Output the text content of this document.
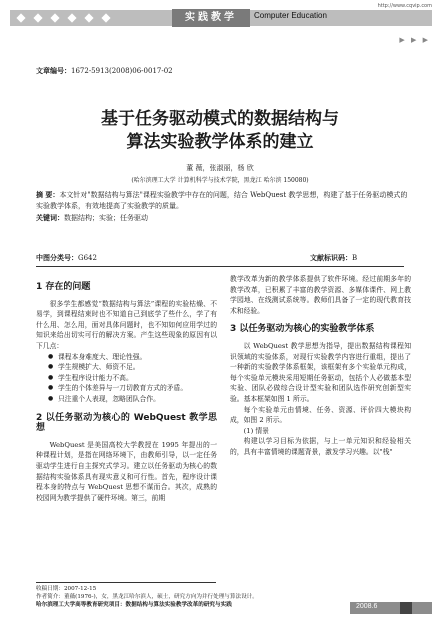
http://www.cqvip.com
实践教学	Computer Education
▶ ▶ ▶
文章编号：1672-5913(2008)06-0017-02
基于任务驱动模式的数据结构与
算法实验教学体系的建立
董 薇，张淑丽，杨 欣
(哈尔滨理工大学 计算机科学与技术学院，黑龙江 哈尔滨 150080)
摘 要：本文针对"数据结构与算法"课程实验教学中存在的问题，结合 WebQuest 教学思想，构建了基于任务驱动模式的实验教学体系，有效地提高了实验教学的质量。
关键词：数据结构；实验；任务驱动
中图分类号：G642	文献标识码：B
1 存在的问题
很多学生都感觉“数据结构与算法”课程的实验枯燥、不易学，到课程结束时也不知道自己到底学了些什么，学了有什么用、怎么用，面对具体问题时，也不知如何应用学过的知识来给出切实可行的解决方案。产生这些现象的原因有以下几点：
● 课程本身难度大、理论性强。
● 学生规模扩大、师资不足。
● 学生程序设计能力不高。
● 学生的个体差异与一刀切教育方式的矛盾。
● 只注重个人表现，忽略团队合作。
2 以任务驱动为核心的 WebQuest 教学思想
WebQuest 是美国高校大学教授在 1995 年提出的一种课程计划，是指在网络环境下，由教师引导，以一定任务驱动学生进行自主探究式学习。建立以任务驱动为核心的数据结构实验体系具有现实意义和可行性。首先，程序设计课程本身的特点与 WebQuest 思想不谋而合。其次，成熟的校园网为教学提供了硬件环境。第三，前期
教学改革为新的教学体系提供了软件环境。经过前期多年的教学改革，已积累了丰富的教学资源、多媒体课件、网上教学园地、在线测试系统等。教师们具备了一定的现代教育技术和经验。
3 以任务驱动为核心的实验教学体系
以 WebQuest 教学思想为指导，提出数据结构课程知识领域的实验体系，对现行实验教学内容进行重组，提出了一种新的实验教学体系框架，该框架有多个实验单元构成，每个实验单元模块采用短期任务驱动，包括个人必做基本型实验、团队必做综合设计型实验和团队选作研究创新型实验。基本框架如图 1 所示。
每个实验单元由情境、任务、资源、评价四大模块构成，如图 2 所示。
(1) 情景
构建以学习目标为依据，与上一单元知识和经验相关的，具有丰富情境的课题背景，激发学习兴趣。以"栈"
收稿日期：2007-12-15
作者简介：董薇(1976-)，女，黑龙江哈尔滨人，硕士，研究方向为并行处理与算法设计。
哈尔滨理工大学高等教育研究项目：数据结构与算法实验教学改革的研究与实践	2008.6
